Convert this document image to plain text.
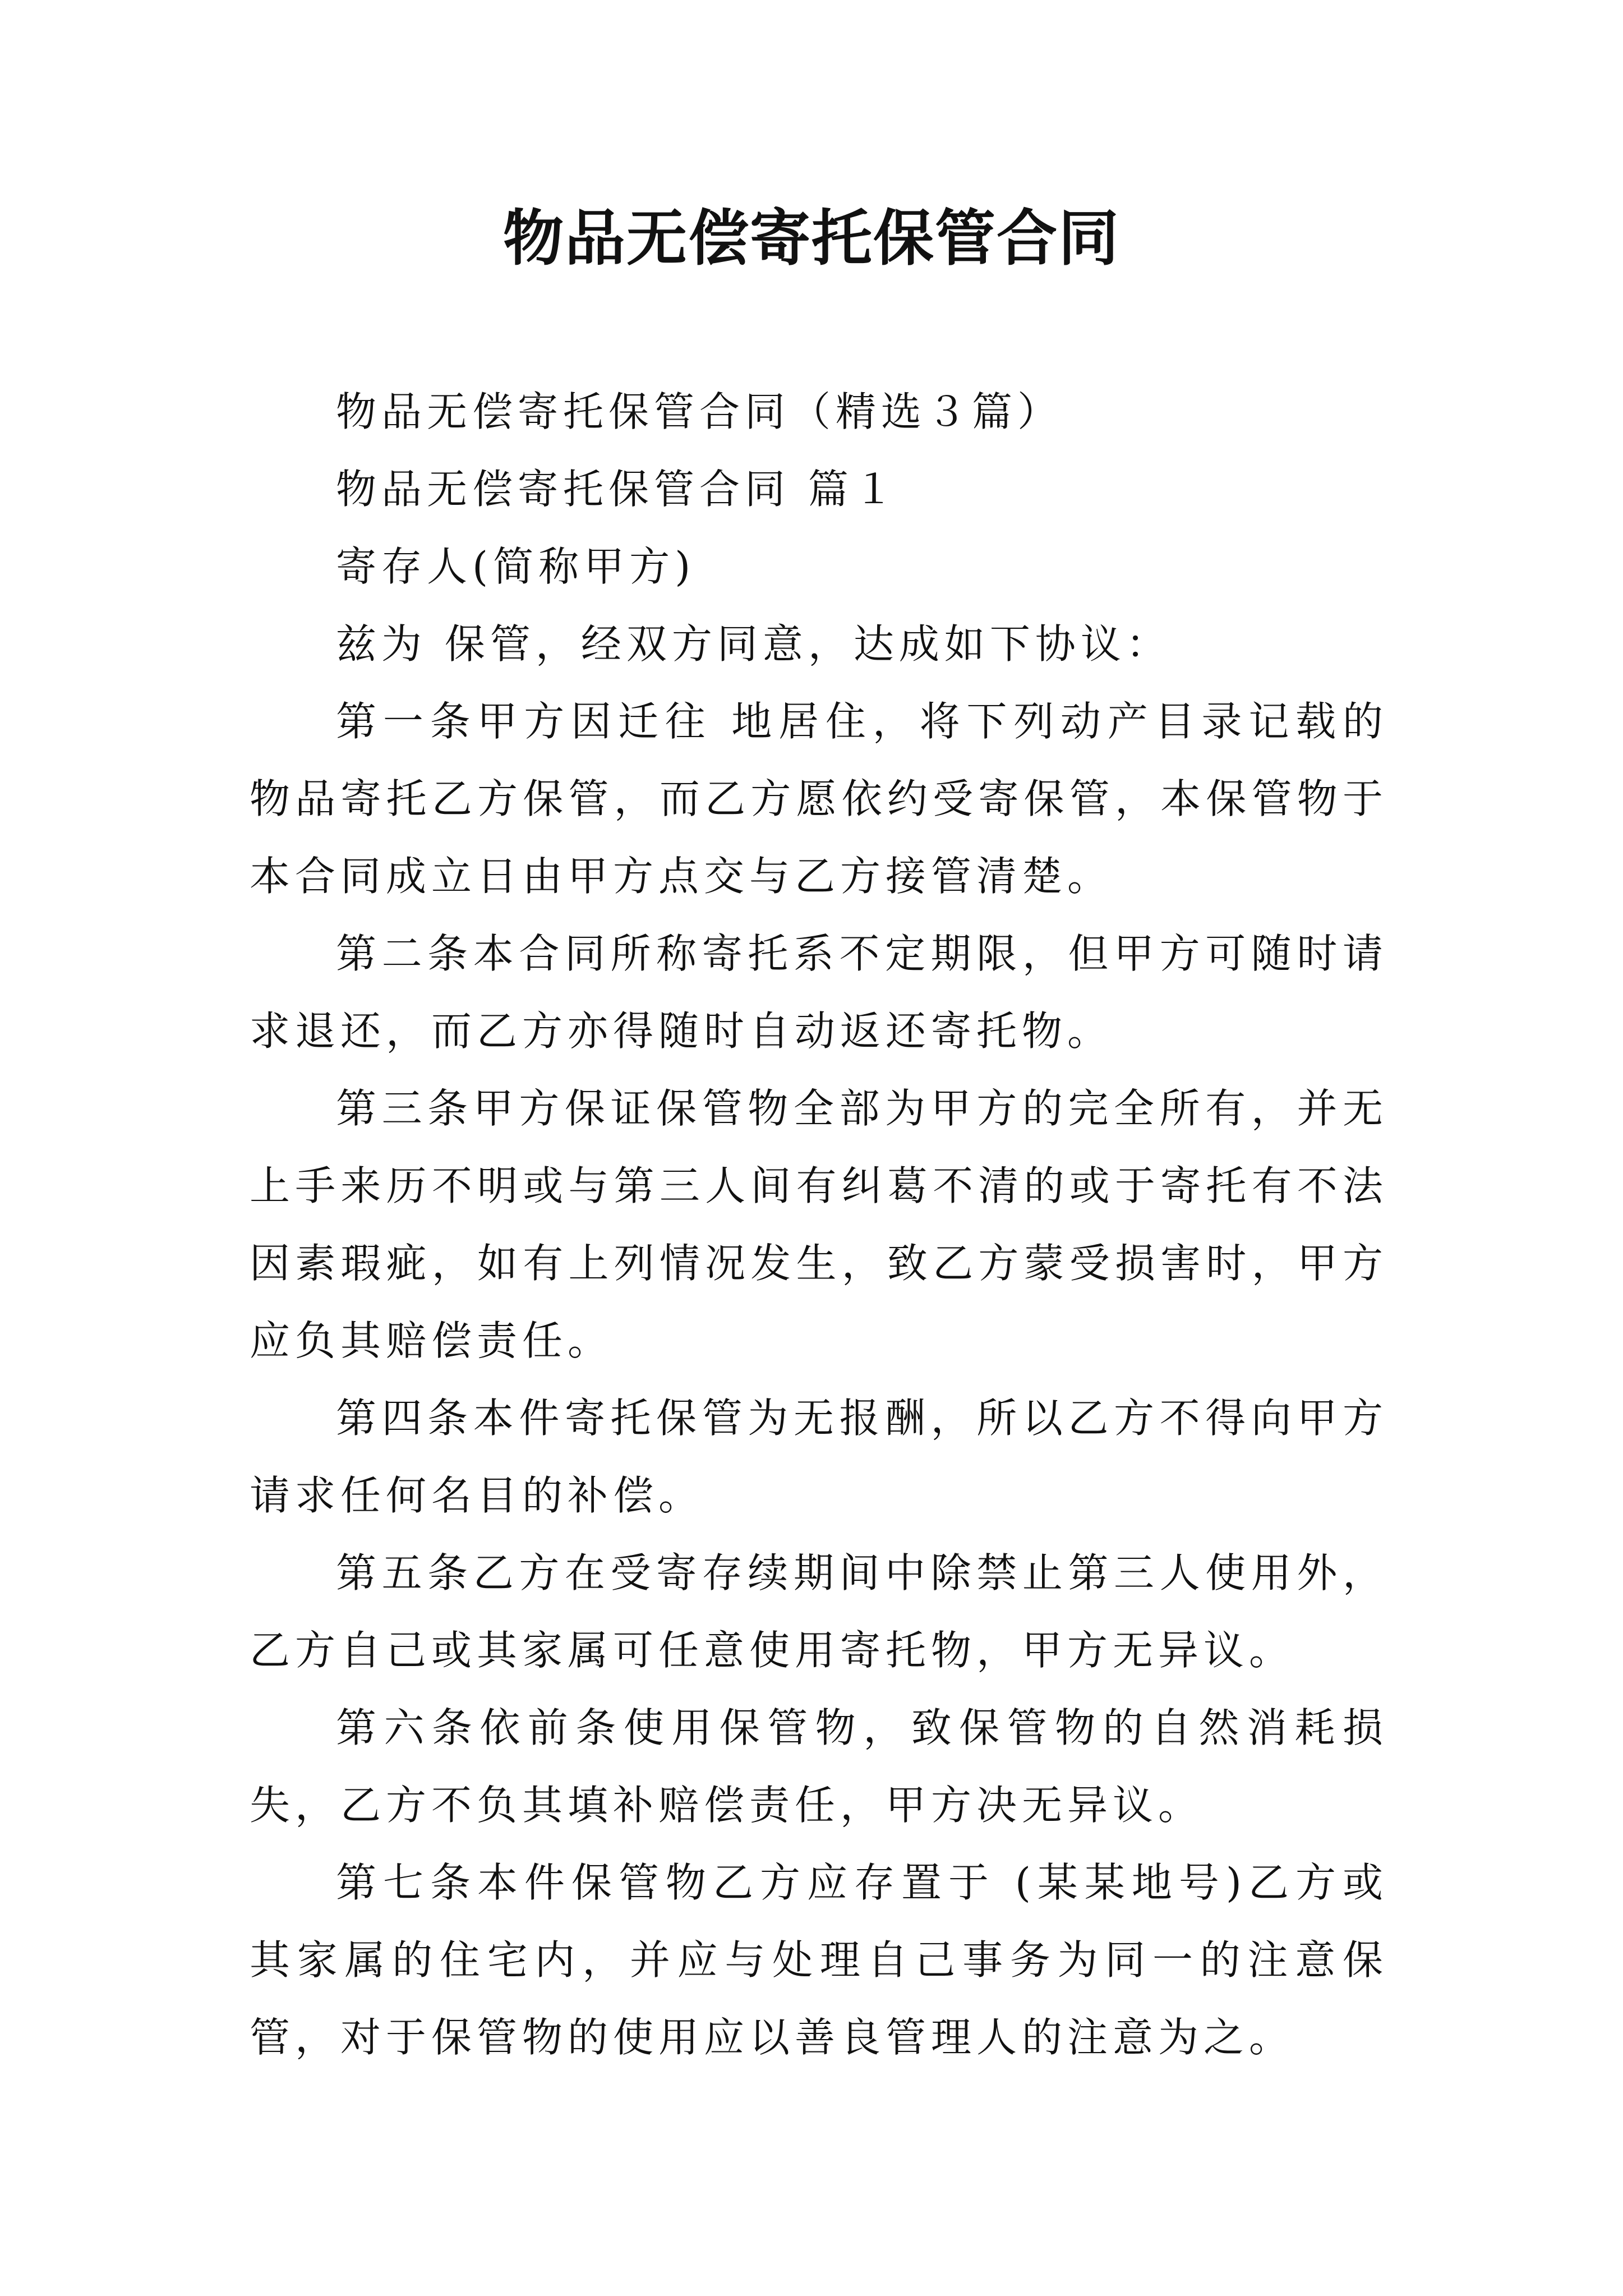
物品无偿寄托保管合同

物品无偿寄托保管合同（精选３篇）

物品无偿寄托保管合同 篇１

寄存人(简称甲方)

兹为 保管，经双方同意，达成如下协议：

第一条甲方因迁往 地居住，将下列动产目录记载的物品寄托乙方保管，而乙方愿依约受寄保管，本保管物于本合同成立日由甲方点交与乙方接管清楚。

第二条本合同所称寄托系不定期限，但甲方可随时请求退还，而乙方亦得随时自动返还寄托物。

第三条甲方保证保管物全部为甲方的完全所有，并无上手来历不明或与第三人间有纠葛不清的或于寄托有不法因素瑕疵，如有上列情况发生，致乙方蒙受损害时，甲方应负其赔偿责任。

第四条本件寄托保管为无报酬，所以乙方不得向甲方请求任何名目的补偿。

第五条乙方在受寄存续期间中除禁止第三人使用外，乙方自己或其家属可任意使用寄托物，甲方无异议。

第六条依前条使用保管物，致保管物的自然消耗损失，乙方不负其填补赔偿责任，甲方决无异议。

第七条本件保管物乙方应存置于 (某某地号)乙方或其家属的住宅内，并应与处理自己事务为同一的注意保管，对于保管物的使用应以善良管理人的注意为之。
